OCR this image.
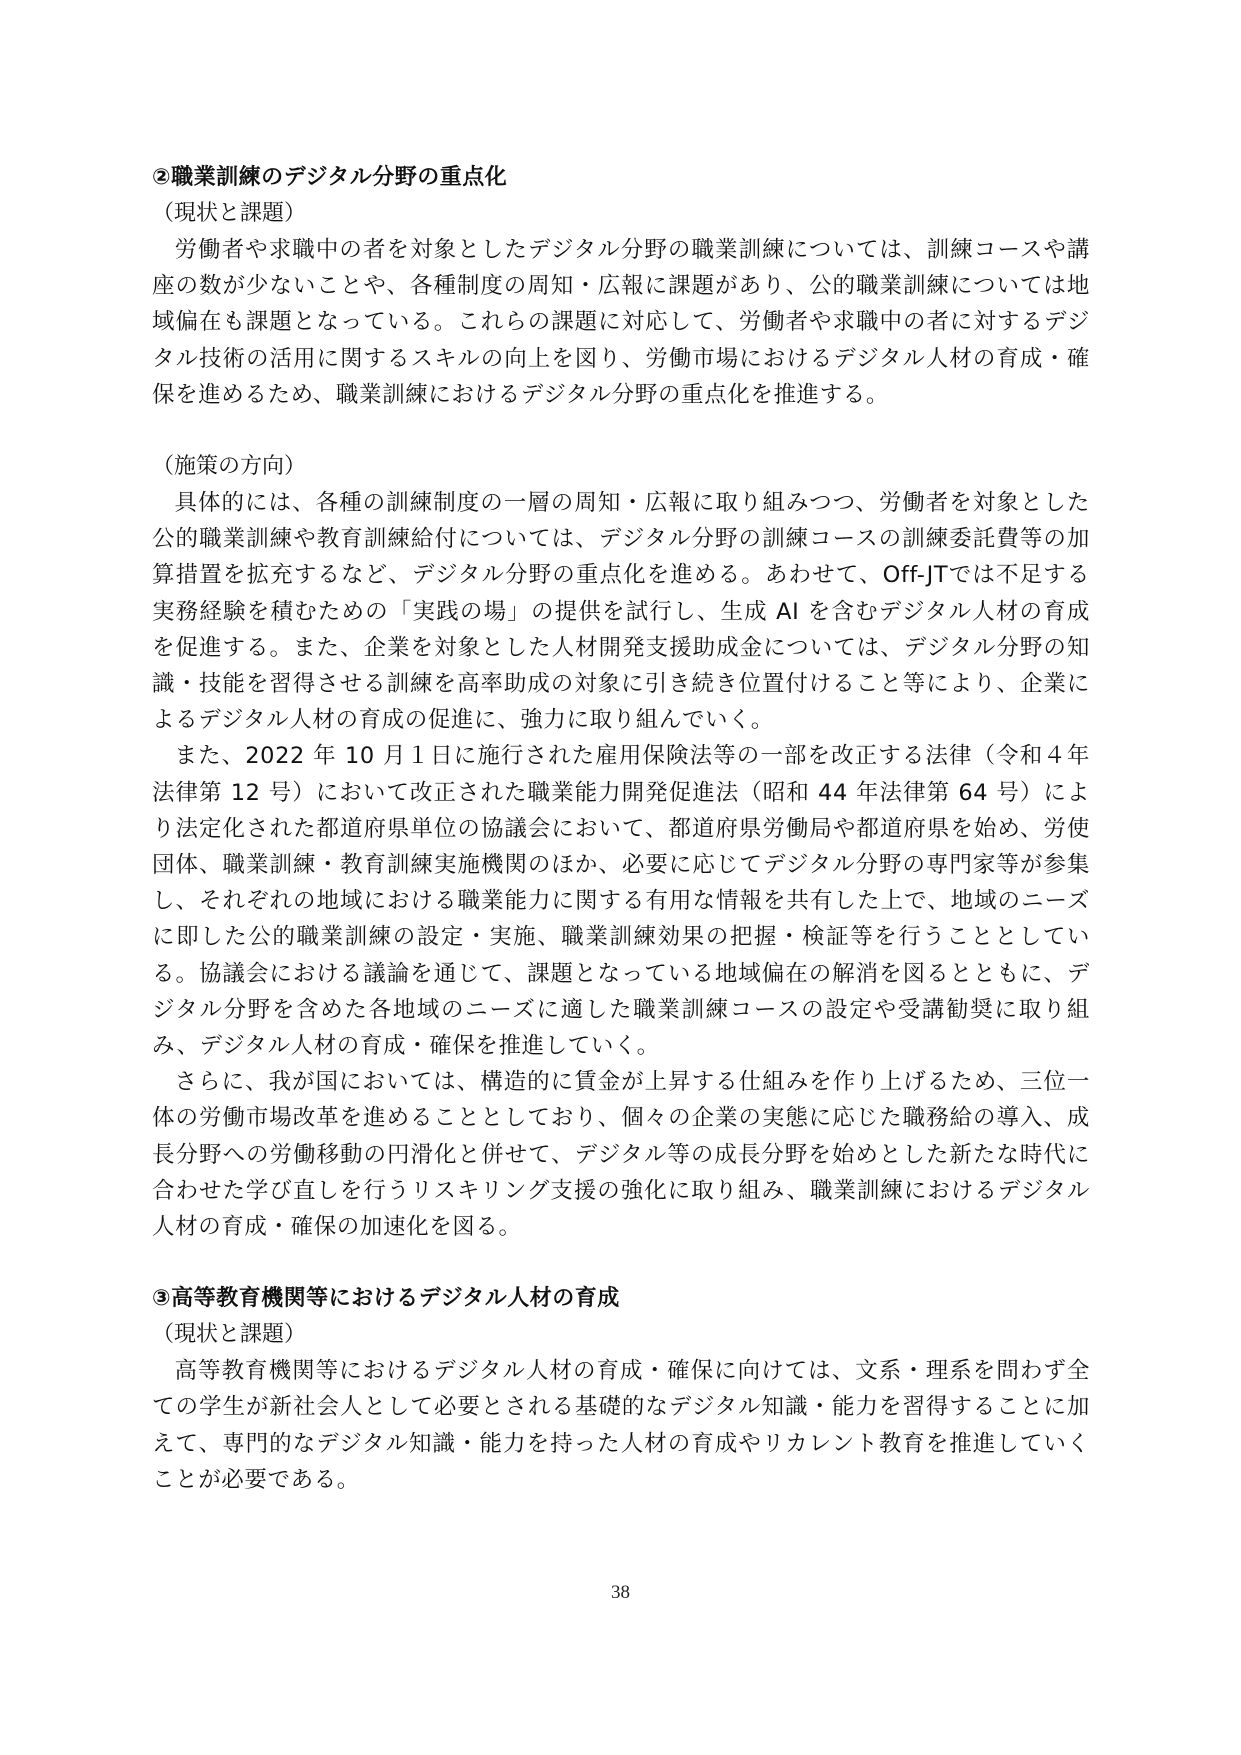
②職業訓練のデジタル分野の重点化

（現状と課題）

労働者や求職中の者を対象としたデジタル分野の職業訓練については、訓練コースや講座の数が少ないことや、各種制度の周知・広報に課題があり、公的職業訓練については地域偏在も課題となっている。これらの課題に対応して、労働者や求職中の者に対するデジタル技術の活用に関するスキルの向上を図り、労働市場におけるデジタル人材の育成・確保を進めるため、職業訓練におけるデジタル分野の重点化を推進する。

（施策の方向）

具体的には、各種の訓練制度の一層の周知・広報に取り組みつつ、労働者を対象とした公的職業訓練や教育訓練給付については、デジタル分野の訓練コースの訓練委託費等の加算措置を拡充するなど、デジタル分野の重点化を進める。あわせて、Off-JTでは不足する実務経験を積むための「実践の場」の提供を試行し、生成 AI を含むデジタル人材の育成を促進する。また、企業を対象とした人材開発支援助成金については、デジタル分野の知識・技能を習得させる訓練を高率助成の対象に引き続き位置付けること等により、企業によるデジタル人材の育成の促進に、強力に取り組んでいく。

また、2022 年 10 月１日に施行された雇用保険法等の一部を改正する法律（令和４年法律第 12 号）において改正された職業能力開発促進法（昭和 44 年法律第 64 号）により法定化された都道府県単位の協議会において、都道府県労働局や都道府県を始め、労使団体、職業訓練・教育訓練実施機関のほか、必要に応じてデジタル分野の専門家等が参集し、それぞれの地域における職業能力に関する有用な情報を共有した上で、地域のニーズに即した公的職業訓練の設定・実施、職業訓練効果の把握・検証等を行うこととしている。協議会における議論を通じて、課題となっている地域偏在の解消を図るとともに、デジタル分野を含めた各地域のニーズに適した職業訓練コースの設定や受講勧奨に取り組み、デジタル人材の育成・確保を推進していく。

さらに、我が国においては、構造的に賃金が上昇する仕組みを作り上げるため、三位一体の労働市場改革を進めることとしており、個々の企業の実態に応じた職務給の導入、成長分野への労働移動の円滑化と併せて、デジタル等の成長分野を始めとした新たな時代に合わせた学び直しを行うリスキリング支援の強化に取り組み、職業訓練におけるデジタル人材の育成・確保の加速化を図る。

③高等教育機関等におけるデジタル人材の育成

（現状と課題）

高等教育機関等におけるデジタル人材の育成・確保に向けては、文系・理系を問わず全ての学生が新社会人として必要とされる基礎的なデジタル知識・能力を習得することに加えて、専門的なデジタル知識・能力を持った人材の育成やリカレント教育を推進していくことが必要である。

38
